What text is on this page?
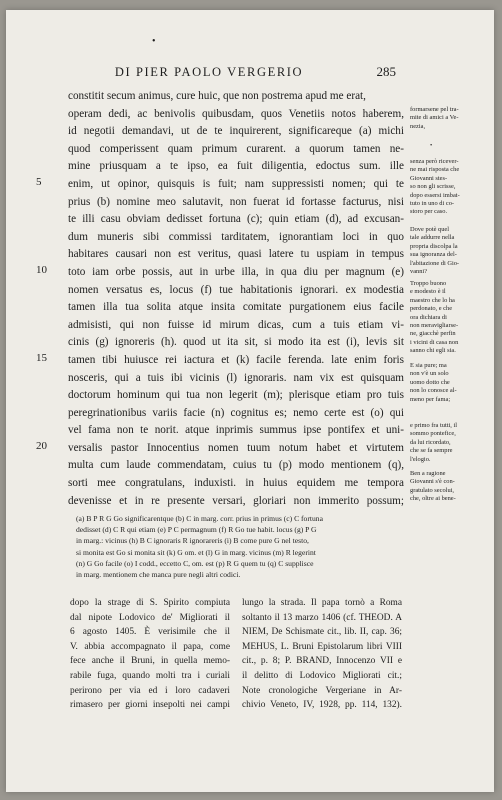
•
DI PIER PAOLO VERGERIO	285
5
10
15
20
constitit secum animus, cure huic, que non postrema apud me erat,
operam dedi, ac benivolis quibusdam, quos Venetiis notos haberem,
id negotii demandavi, ut de te inquirerent, significareque (a) michi
quod comperissent quam primum curarent. a quorum tamen ne-
mine priusquam a te ipso, ea fuit diligentia, edoctus sum. ille
enim, ut opinor, quisquis is fuit; nam suppressisti nomen; qui te
prius (b) nomine meo salutavit, non fuerat id fortasse facturus, nisi
te illi casu obviam dedisset fortuna (c); quin etiam (d), ad excusan-
dum muneris sibi commissi tarditatem, ignorantiam loci in quo
habitares causari non est veritus, quasi latere tu uspiam in tempus
toto iam orbe possis, aut in urbe illa, in qua diu per magnum (e)
nomen versatus es, locus (f) tue habitationis ignorari. ex modestia
tamen illa tua solita atque insita comitate purgationem eius facile
admisisti, qui non fuisse id mirum dicas, cum a tuis etiam vi-
cinis (g) ignoreris (h). quod ut ita sit, si modo ita est (i), levis sit
tamen tibi huiusce rei iactura et (k) facile ferenda. late enim foris
nosceris, qui a tuis ibi vicinis (l) ignoraris. nam vix est quisquam
doctorum hominum qui tua non legerit (m); plerisque etiam pro tuis
peregrinationibus variis facie (n) cognitus es; nemo certe est (o) qui
vel fama non te norit. atque inprimis summus ipse pontifex et uni-
versalis pastor Innocentius nomen tuum notum habet et virtutem
multa cum laude commendatam, cuius tu (p) modo mentionem (q),
sorti mee congratulans, induxisti. in huius equidem me tempora
devenisse et in re presente versari, gloriari non immerito possum;
formarsene pel tra-
mite di amici a Ve-
nezia,
•
senza però ricever-
ne mai risposta che
Giovanni stes-
so non gli scrisse,
dopo essersi imbat-
tuto in uno di co-
storo per caso.
Dove potè quel
tale addurre nella
propria discolpa la
sua ignoranza del-
l'abitazione di Gio-
vanni?
Troppo buono
e modesto è il
maestro che lo ha
perdonato, e che
ora dichiara di
non meravigliarse-
ne, giacchè perfin
i vicini di casa non
sanno chi egli sia.
E sia pure; ma
non v'è un solo
uomo dotto che
non lo conosce al-
meno per fama;
e primo fra tutti, il
sommo pontefice,
da lui ricordato,
che se fa sempre
l'elogio.
Ben a ragione
Giovanni s'è con-
gratulato secolui,
che, oltre ai bene-
(a) B P R G Go significarentque (b) C in marg. corr. prius in primus (c) C fortuna
dedisset (d) C R qui etiam (e) P C permagnum (f) R Go tue habit. locus (g) P G
in marg.: vicinus (h) B C ignoraris R ignorareris (i) B come pure G nel testo,
si monita est Go si monita sit (k) G om. et (l) G in marg. vicinus (m) R legerint
(n) G Go facile (o) I codd., eccetto C, om. est (p) R G quem tu (q) C supplisce
in marg. mentionem che manca pure negli altri codici.
dopo la strage di S. Spirito compiuta
dal nipote Lodovico de' Migliorati il
6 agosto 1405. È verisimile che il
V. abbia accompagnato il papa, come
fece anche il Bruni, in quella memo-
rabile fuga, quando molti tra i curiali
perirono per via ed i loro cadaveri
rimasero per giorni insepolti nei campi
lungo la strada. Il papa tornò a Roma
soltanto il 13 marzo 1406 (cf. THEOD. A
NIEM, De Schismate cit., lib. II, cap. 36;
MEHUS, L. Bruni Epistolarum libri VIII
cit., p. 8; P. BRAND, Innocenzo VII e
il delitto di Lodovico Migliorati cit.;
Note cronologiche Vergeriane in Ar-
chivio Veneto, IV, 1928, pp. 114, 132).
